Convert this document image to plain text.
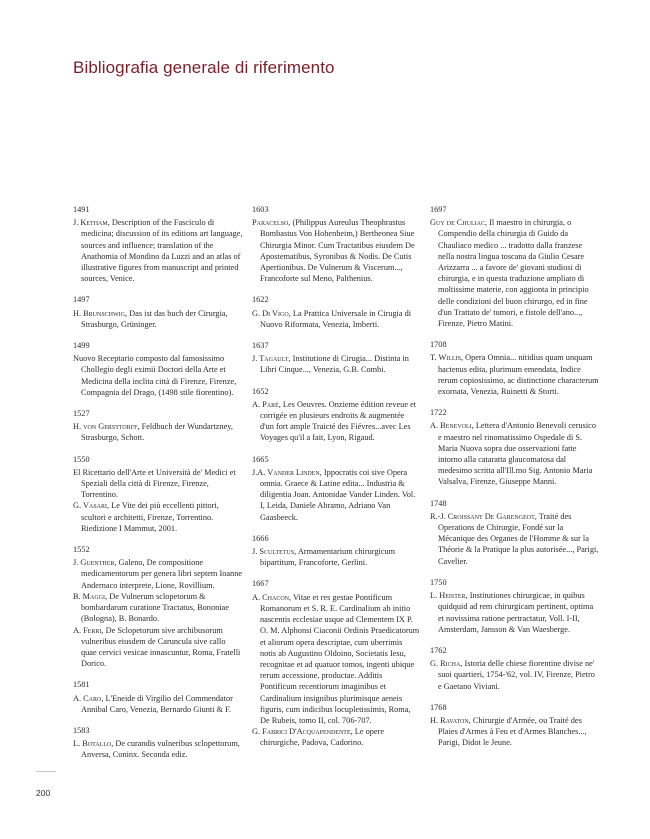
Bibliografia generale di riferimento
1491
J. Ketham, Description of the Fasciculo di medicina; discussion of its editions art language, sources and influence; translation of the Anathomia of Mondino da Luzzi and an atlas of illustrative figures from manuscript and printed sources, Venice.
1497
H. Brunschwig, Das ist das buch der Cirurgia, Strasburgo, Grüninger.
1499
Nuovo Receptario composto dal famosissimo Chollegio degli eximii Doctori della Arte et Medicina della inclita città di Firenze, Firenze, Compagnia del Drago, (1498 stile fiorentino).
1527
H. von Gersttorff, Feldbuch der Wundartzney, Strasburgo, Schott.
1550
El Ricettario dell'Arte et Università de' Medici et Speziali della città di Firenze, Firenze, Torrentino.
G. Vasari, Le Vite dei più eccellenti pittori, scultori e architetti, Firenze, Torrentino. Riedizione I Mammut, 2001.
1552
J. Guenther, Galeno, De compositione medicamentorum per genera libri septem Ioanne Andernaco interprete, Lione, Rovillium.
B. Maggi, De Vulnerum sclopetorum & bombardarum curatione Tractatus, Bononiae (Bologna), B. Bonardo.
A. Ferri, De Sclopetorum sive archibusorum vulneribus eiusdem de Caruncula sive callo quae cervici vesicae innascuntur, Roma, Fratelli Dorico.
1581
A. Caro, L'Eneide di Virgilio del Commendator Annibal Caro, Venezia, Bernardo Giunti & F.
1583
L. Botallo, De curandis vulneribus sclopettorum, Anversa, Coninx. Seconda ediz.
1603
Paracelso, (Philippus Aureulus Theophrastus Bombastus Von Hohenheim,) Bertheonea Siue Chirurgia Minor. Cum Tractatibus eiusdem De Apostematibus, Syronibus & Nodis. De Cutis Apertionibus. De Vulnerum & Viscerum..., Francoforte sul Meno, Palthenius.
1622
G. Di Vigo, La Prattica Universale in Cirugia di Nuovo Riformata, Venezia, Imberti.
1637
J. Tagault, Institutione di Cirugia... Distinta in Libri Cinque..., Venezia, G.B. Combi.
1652
A. Paré, Les Oeuvres. Onzieme édition reveue et corrigée en plusieurs endroits & augmentée d'un fort ample Traicté des Fiévres...avec Les Voyages qu'il a fait, Lyon, Rigaud.
1665
J.A. Vander Linden, Ippocratis coi sive Opera omnia. Graece & Latine edita... Industria & diligentia Joan. Antonidae Vander Linden. Vol. I, Leida, Daniele Abramo, Adriano Van Gaasbeeck.
1666
J. Scultetus, Armamentarium chirurgicum bipartitum, Francoforte, Gerlini.
1667
A. Chacon, Vitae et res gestae Pontificum Romanorum et S. R. E. Cardinalium ab initio nascentis ecclesiae usque ad Clementem IX P. O. M. Alphonsi Ciaconii Ordinis Praedicatorum et aliorum opera descriptae, cum uberrimis notis ab Augustino Oldoino, Societatis Iesu, recognitae et ad quatuor tomos, ingenti ubique rerum accessione, productae. Additis Pontificum recentiorum imaginibus et Cardinalium insignibus plurimisque aeneis figuris, cum indicibus locupletissimis, Roma, De Rubeis, tomo II, col. 706-707.
G. Fabrici D'Acquapendente, Le opere chirurgiche, Padova, Cadorino.
1697
Guy de Chuliac, Il maestro in chirurgia, o Compendio della chirurgia di Guido da Chauliaco medico ... tradotto dalla franzese nella nostra lingua toscana da Giulio Cesare Arizzarra ... a favore de' giovani studiosi di chirurgia, e in questa traduzione ampliato di moltissime materie, con aggionta in principio delle condizioni del buon chirurgo, ed in fine d'un Trattato de' tumori, e fistole dell'ano..., Firenze, Pietro Matini.
1708
T. Willis, Opera Omnia... nitidius quam unquam hactenus edita, plurimum emendata, Indice rerum copiosissimo, ac distinctione characterum exornata, Venezia, Ruinetti & Storti.
1722
A. Benevoli, Lettera d'Antonio Benevoli cerusico e maestro nel rinomatissimo Ospedale di S. Maria Nuova sopra due osservazioni fatte intorno alla cataratta glaucomatosa dal medesimo scritta all'Ill.mo Sig. Antonio Maria Valsalva, Firenze, Giuseppe Manni.
1748
R.-J. Croissant De Garengeot, Traité des Operations de Chirurgie, Fondé sur la Mécanique des Organes de l'Homme & sur la Théorie & la Pratique la plus autorisée..., Parigi, Cavelier.
1750
L. Heister, Institutiones chirurgicae, in quibus quidquid ad rem chirurgicam pertinent, optima et novissima ratione pertractatur, Voll. I-II, Amsterdam, Jansson & Van Waesberge.
1762
G. Richa, Istoria delle chiese fiorentine divise ne' suoi quartieri, 1754-'62, vol. IV, Firenze, Pietro e Gaetano Viviani.
1768
H. Ravaton, Chirurgie d'Armée, ou Traité des Plaies d'Armes à Feu et d'Armes Blanches..., Parigi, Didot le Jeune.
200
